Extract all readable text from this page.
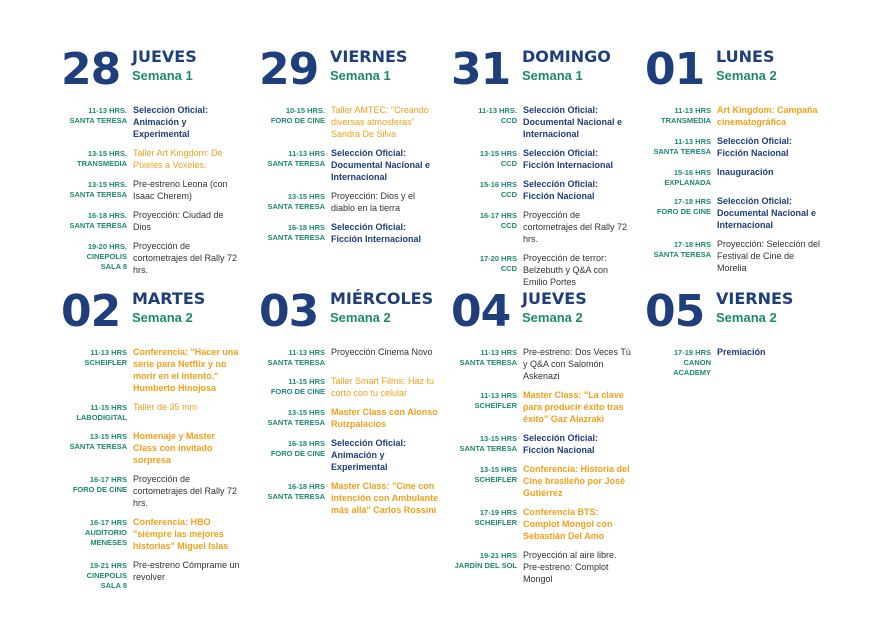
28 JUEVES
Semana 1
11-13 HRS.
SANTA TERESA
Selección Oficial: Animación y Experimental
13-15 HRS.
TRANSMEDIA
Taller Art Kingdom: De Píxeles a Voxeles.
13-15 HRS.
SANTA TERESA
Pre-estreno Leona (con Isaac Cherem)
16-18 HRS.
SANTA TERESA
Proyección: Ciudad de Dios
19-20 HRS.
CINEPOLIS
SALA 8
Proyección de cortometrajes del Rally 72 hrs.
29 VIERNES
Semana 1
10-15 HRS.
FORO DE CINE
Taller AMTEC: "Creando diversas atmosferas" Sandra De Silva
11-13 HRS
SANTA TERESA
Selección Oficial: Documental Nacional e Internacional
13-15 HRS
SANTA TERESA
Proyección: Dios y el diablo en la tierra
16-18 HRS
SANTA TERESA
Selección Oficial: Ficción Internacional
31 DOMINGO
Semana 1
11-13 HRS.
CCD
Selección Oficial: Documental Nacional e Internacional
13-15 HRS
CCD
Selección Oficial: Ficción Internacional
15-16 HRS
CCD
Selección Oficial: Ficción Nacional
16-17 HRS
CCD
Proyección de cortometrajes del Rally 72 hrs.
17-20 HRS
CCD
Proyección de terror: Belzebuth y Q&A con Emilio Portes
01 LUNES
Semana 2
11-13 HRS
TRANSMEDIA
Art Kingdom: Campaña cinematográfica
11-13 HRS
SANTA TERESA
Selección Oficial: Ficción Nacional
15-16 HRS
EXPLANADA
Inauguración
17-18 HRS
FORO DE CINE
Selección Oficial: Documental Nacional e Internacional
17-18 HRS
SANTA TERESA
Proyección: Selección del Festival de Cine de Morelia
02 MARTES
Semana 2
11-13 HRS
SCHEIFLER
Conferencia: "Hacer una serie para Netflix y no morir en el intento." Humberto Hinojosa
11-15 HRS
LABODIGITAL
Taller de 35 mm
13-15 HRS
SANTA TERESA
Homenaje y Master Class con invitado sorpresa
16-17 HRS
FORO DE CINE
Proyección de cortometrajes del Rally 72 hrs.
16-17 HRS
AUDITORIO
MENESES
Conferencia: HBO "siempre las mejores historias" Miguel Islas
19-21 HRS
CINEPOLIS
SALA 8
Pre-estreno Cómprame un revolver
03 MIÉRCOLES
Semana 2
11-13 HRS
SANTA TERESA
Proyección Cinema Novo
11-15 HRS
FORO DE CINE
Taller Smart Films: Haz tu corto con tu celular
13-15 HRS
SANTA TERESA
Master Class con Alonso Ruizpalacios
16-18 HRS
FORO DE CINE
Selección Oficial: Animación y Experimental
16-18 HRS
SANTA TERESA
Master Class: "Cine con intención con Ambulante más allá" Carlos Rossini
04 JUEVES
Semana 2
11-13 HRS
SANTA TERESA
Pre-estreno: Dos Veces Tú y Q&A con Salomón Askenazi
11-13 HRS
SCHEIFLER
Master Class: "La clave para producir éxito tras éxito" Gaz Alazraki
13-15 HRS
SANTA TERESA
Selección Oficial: Ficción Nacional
13-15 HRS
SCHEIFLER
Conferencia: Historia del Cine brasileño por José Gutiérrez
17-19 HRS
SCHEIFLER
Conferencia BTS: Complot Mongol con Sebastián Del Amo
19-21 HRS
JARDÍN DEL SOL
Proyección al aire libre. Pre-estreno: Complot Mongol
05 VIERNES
Semana 2
17-19 HRS
CANON ACADEMY
Premiación
